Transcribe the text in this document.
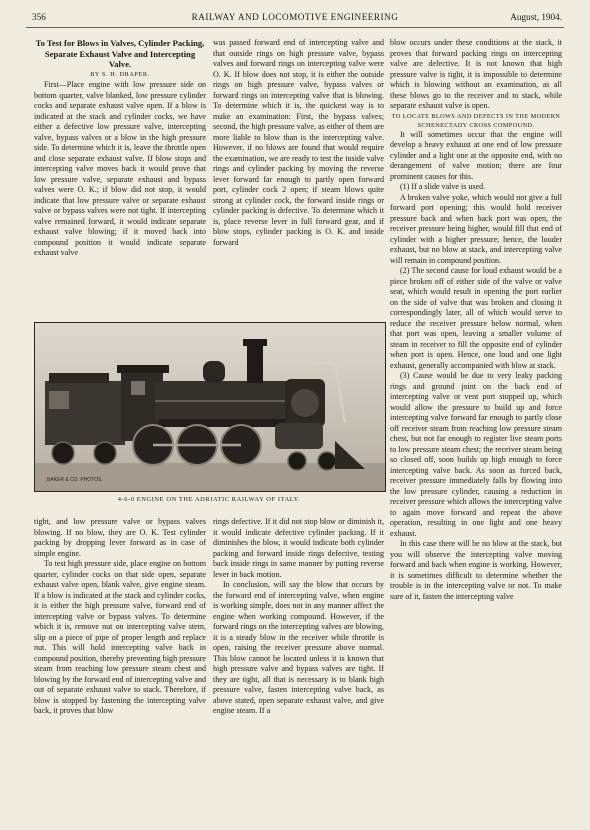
356	RAILWAY AND LOCOMOTIVE ENGINEERING	August, 1904.

To Test for Blows in Valves, Cylinder Packing, Separate Exhaust Valve and Intercepting Valve.

BY S. H. DRAPER.

First—Place engine with low pressure side on bottom quarter, valve blanked, low pressure cylinder cocks and separate exhaust valve open. If a blow is indicated at the stack and cylinder cocks, we have either a defective low pressure valve, intercepting valve, bypass valves or a blow in the high pressure side. To determine which it is, leave the throttle open and close separate exhaust valve. If blow stops and intercepting valve moves back it would prove that low pressure valve, separate exhaust and bypass valves were O. K.; if blow did not stop, it would indicate that low pressure valve or separate exhaust valve or bypass valves were not tight. If intercepting valve remained forward, it would indicate separate exhaust valve blowing; if it moved back into compound position it would indicate separate exhaust valve

was passed forward end of intercepting valve and that outside rings on high pressure valve, bypass valves and forward rings on intercepting valve were O. K. If blow does not stop, it is either the outside rings on high pressure valve, bypass valves or forward rings on intercepting valve that is blowing. To determine which it is, the quickest way is to make an examination: First, the bypass valves; second, the high pressure valve, as either of them are more liable to blow than is the intercepting valve. However, if no blows are found that would require the examination, we are ready to test the inside valve rings and cylinder packing by moving the reverse lever forward far enough to partly open forward port, cylinder cock 2 open; if steam blows quite strong at cylinder cock, the forward inside rings or cylinder packing is defective. To determine which it is, place reverse lever in full forward gear, and if blow stops, cylinder packing is O. K. and inside forward

blow occurs under these conditions at the stack, it proves that forward packing rings on intercepting valve are defective. It is not known that high pressure valve is tight, it is impossible to determine which is blowing without an examination, as all these blows go to the receiver and to stack, while separate exhaust valve is open.

TO LOCATE BLOWS AND DEFECTS IN THE MODERN SCHENECTADY CROSS COMPOUND.

It will sometimes occur that the engine will develop a heavy exhaust at one end of low pressure cylinder and a light one at the opposite end, with no derangement of valve motion; there are four prominent causes for this.

(1) If a slide valve is used.

A broken valve yoke, which would not give a full forward port opening; this would hold receiver pressure back and when back port was open, the receiver pressure being higher, would fill that end of cylinder with a higher pressure; hence, the louder exhaust, but no blow at stack, and intercepting valve will remain in compound position.

(2) The second cause for loud exhaust would be a piece broken off of either side of the valve or valve seat, which would result in opening the port earlier on the side of valve that was broken and closing it correspondingly later, all of which would serve to reduce the receiver pressure below normal, when that port was open, leaving a smaller volume of steam in receiver to fill the opposite end of cylinder when port is open. Hence, one loud and one light exhaust, generally accompanied with blow at stack.

(3) Cause would be due to very leaky packing rings and ground joint on the back end of intercepting valve or vent port stopped up, which would allow the pressure to build up and force intercepting valve forward far enough to partly close off receiver steam from reaching low pressure steam chest, but not far enough to register live steam ports to low pressure steam chest; the receiver steam being so closed off, soon builds up high enough to force intercepting valve back. As soon as forced back, receiver pressure immediately falls by flowing into the low pressure cylinder, causing a reduction in receiver pressure which allows the intercepting valve to again move forward and repeat the above operation, resulting in one light and one heavy exhaust.

In this case there will be no blow at the stack, but you will observe the intercepting valve moving forward and back when engine is working. However, it is sometimes difficult to determine whether the trouble is in the intercepting valve or not. To make sure of it, fasten the intercepting valve

BAKER & CO. PHOTOS.
4-6-0 ENGINE ON THE ADRIATIC RAILWAY OF ITALY.

tight, and low pressure valve or bypass valves blowing. If no blow, they are O. K. Test cylinder packing by dropping lever forward as in case of simple engine.

To test high pressure side, place engine on bottom quarter, cylinder cocks on that side open, separate exhaust valve open, blank valve, give engine steam. If a blow is indicated at the stack and cylinder cocks, it is either the high pressure valve, forward end of intercepting valve or bypass valves. To determine which it is, remove nut on intercepting valve stem, slip on a piece of pipe of proper length and replace nut. This will hold intercepting valve back in compound position, thereby preventing high pressure steam from reaching low pressure steam chest and blowing by the forward end of intercepting valve and out of separate exhaust valve to stack. Therefore, if blow is stopped by fastening the intercepting valve back, it proves that blow

rings defective. If it did not stop blow or diminish it, it would indicate defective cylinder packing. If it diminishes the blow, it would indicate both cylinder packing and forward inside rings defective, testing back inside rings in same manner by putting reverse lever in back motion.

In conclusion, will say the blow that occurs by the forward end of intercepting valve, when engine is working simple, does not in any manner affect the engine when working compound. However, if the forward rings on the intercepting valves are blowing, it is a steady blow in the receiver while throttle is open, raising the receiver pressure above normal. This blow cannot be located unless it is known that high pressure valve and bypass valves are tight. If they are tight, all that is necessary is to blank high pressure valve, fasten intercepting valve back, as above stated, open separate exhaust valve, and give engine steam. If a
